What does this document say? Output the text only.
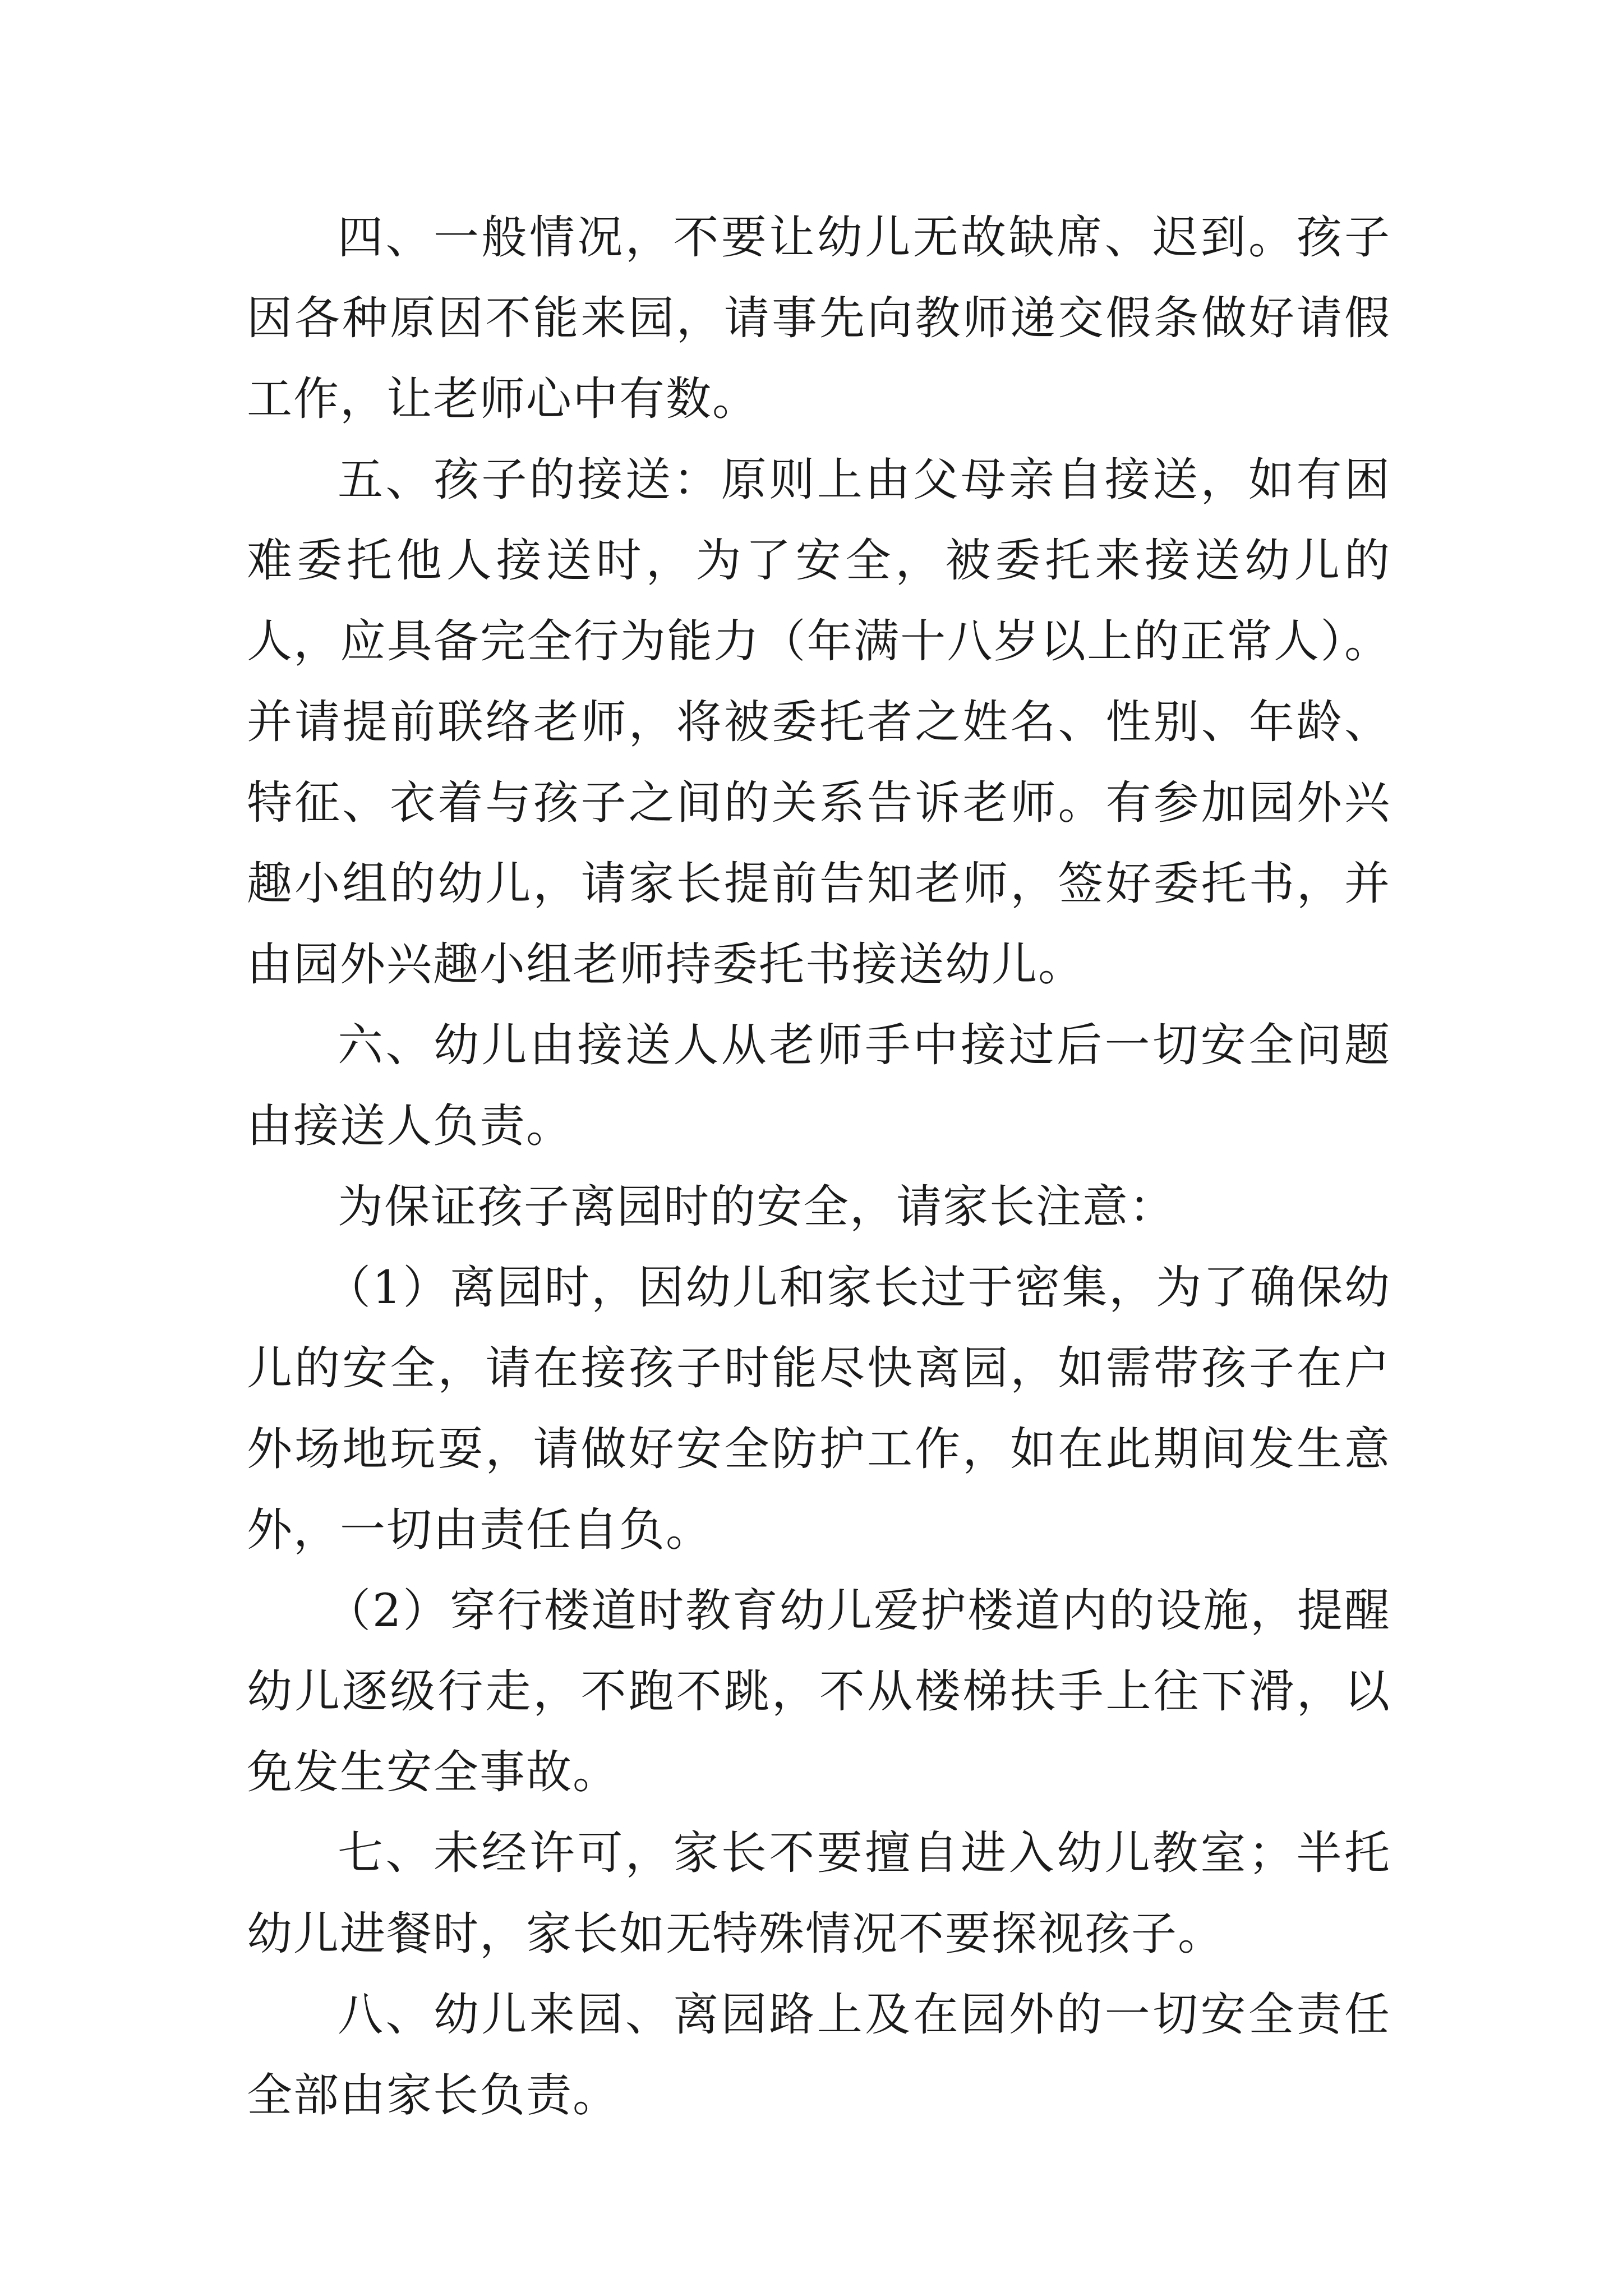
四、一般情况，不要让幼儿无故缺席、迟到。孩子因各种原因不能来园，请事先向教师递交假条做好请假工作，让老师心中有数。

五、孩子的接送：原则上由父母亲自接送，如有困难委托他人接送时，为了安全，被委托来接送幼儿的人，应具备完全行为能力（年满十八岁以上的正常人）。并请提前联络老师，将被委托者之姓名、性别、年龄、特征、衣着与孩子之间的关系告诉老师。有参加园外兴趣小组的幼儿，请家长提前告知老师，签好委托书，并由园外兴趣小组老师持委托书接送幼儿。

六、幼儿由接送人从老师手中接过后一切安全问题由接送人负责。

为保证孩子离园时的安全，请家长注意：

（1）离园时，因幼儿和家长过于密集，为了确保幼儿的安全，请在接孩子时能尽快离园，如需带孩子在户外场地玩耍，请做好安全防护工作，如在此期间发生意外，一切由责任自负。

（2）穿行楼道时教育幼儿爱护楼道内的设施，提醒幼儿逐级行走，不跑不跳，不从楼梯扶手上往下滑，以免发生安全事故。

七、未经许可，家长不要擅自进入幼儿教室；半托幼儿进餐时，家长如无特殊情况不要探视孩子。

八、幼儿来园、离园路上及在园外的一切安全责任全部由家长负责。
